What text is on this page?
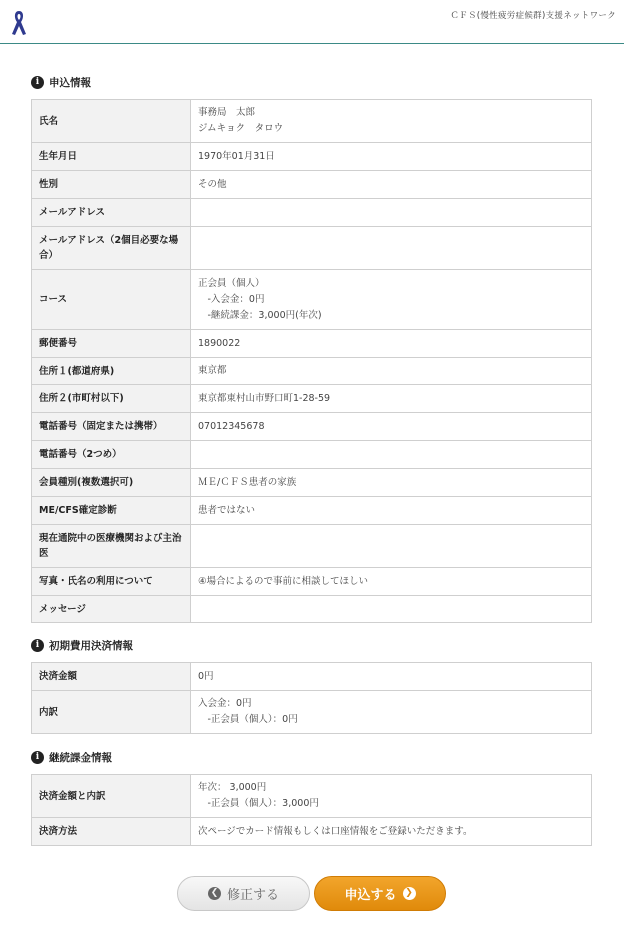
ＣＦＳ(慢性疲労症候群)支援ネットワーク
i 申込情報
氏名	事務局　太郎
ジムキョク　タロウ
生年月日	1970年01月31日
性別	その他
メールアドレス	
メールアドレス（2個目必要な場合）	
コース	正会員（個人）
　-入会金：0円
　-継続課金：3,000円(年次)
郵便番号	1890022
住所１(都道府県)	東京都
住所２(市町村以下)	東京都東村山市野口町1-28-59
電話番号（固定または携帯）	07012345678
電話番号（2つめ）	
会員種別(複数選択可)	ＭＥ/ＣＦＳ患者の家族
ME/CFS確定診断	患者ではない
現在通院中の医療機関および主治医	
写真・氏名の利用について	④場合によるので事前に相談してほしい
メッセージ	
i 初期費用決済情報
決済金額	0円
内訳	入会金：0円
　-正会員（個人）：0円
i 継続課金情報
決済金額と内訳	年次： 3,000円
　-正会員（個人）：3,000円
決済方法	次ページでカード情報もしくは口座情報をご登録いただきます。
❮ 修正する	申込する ❯
